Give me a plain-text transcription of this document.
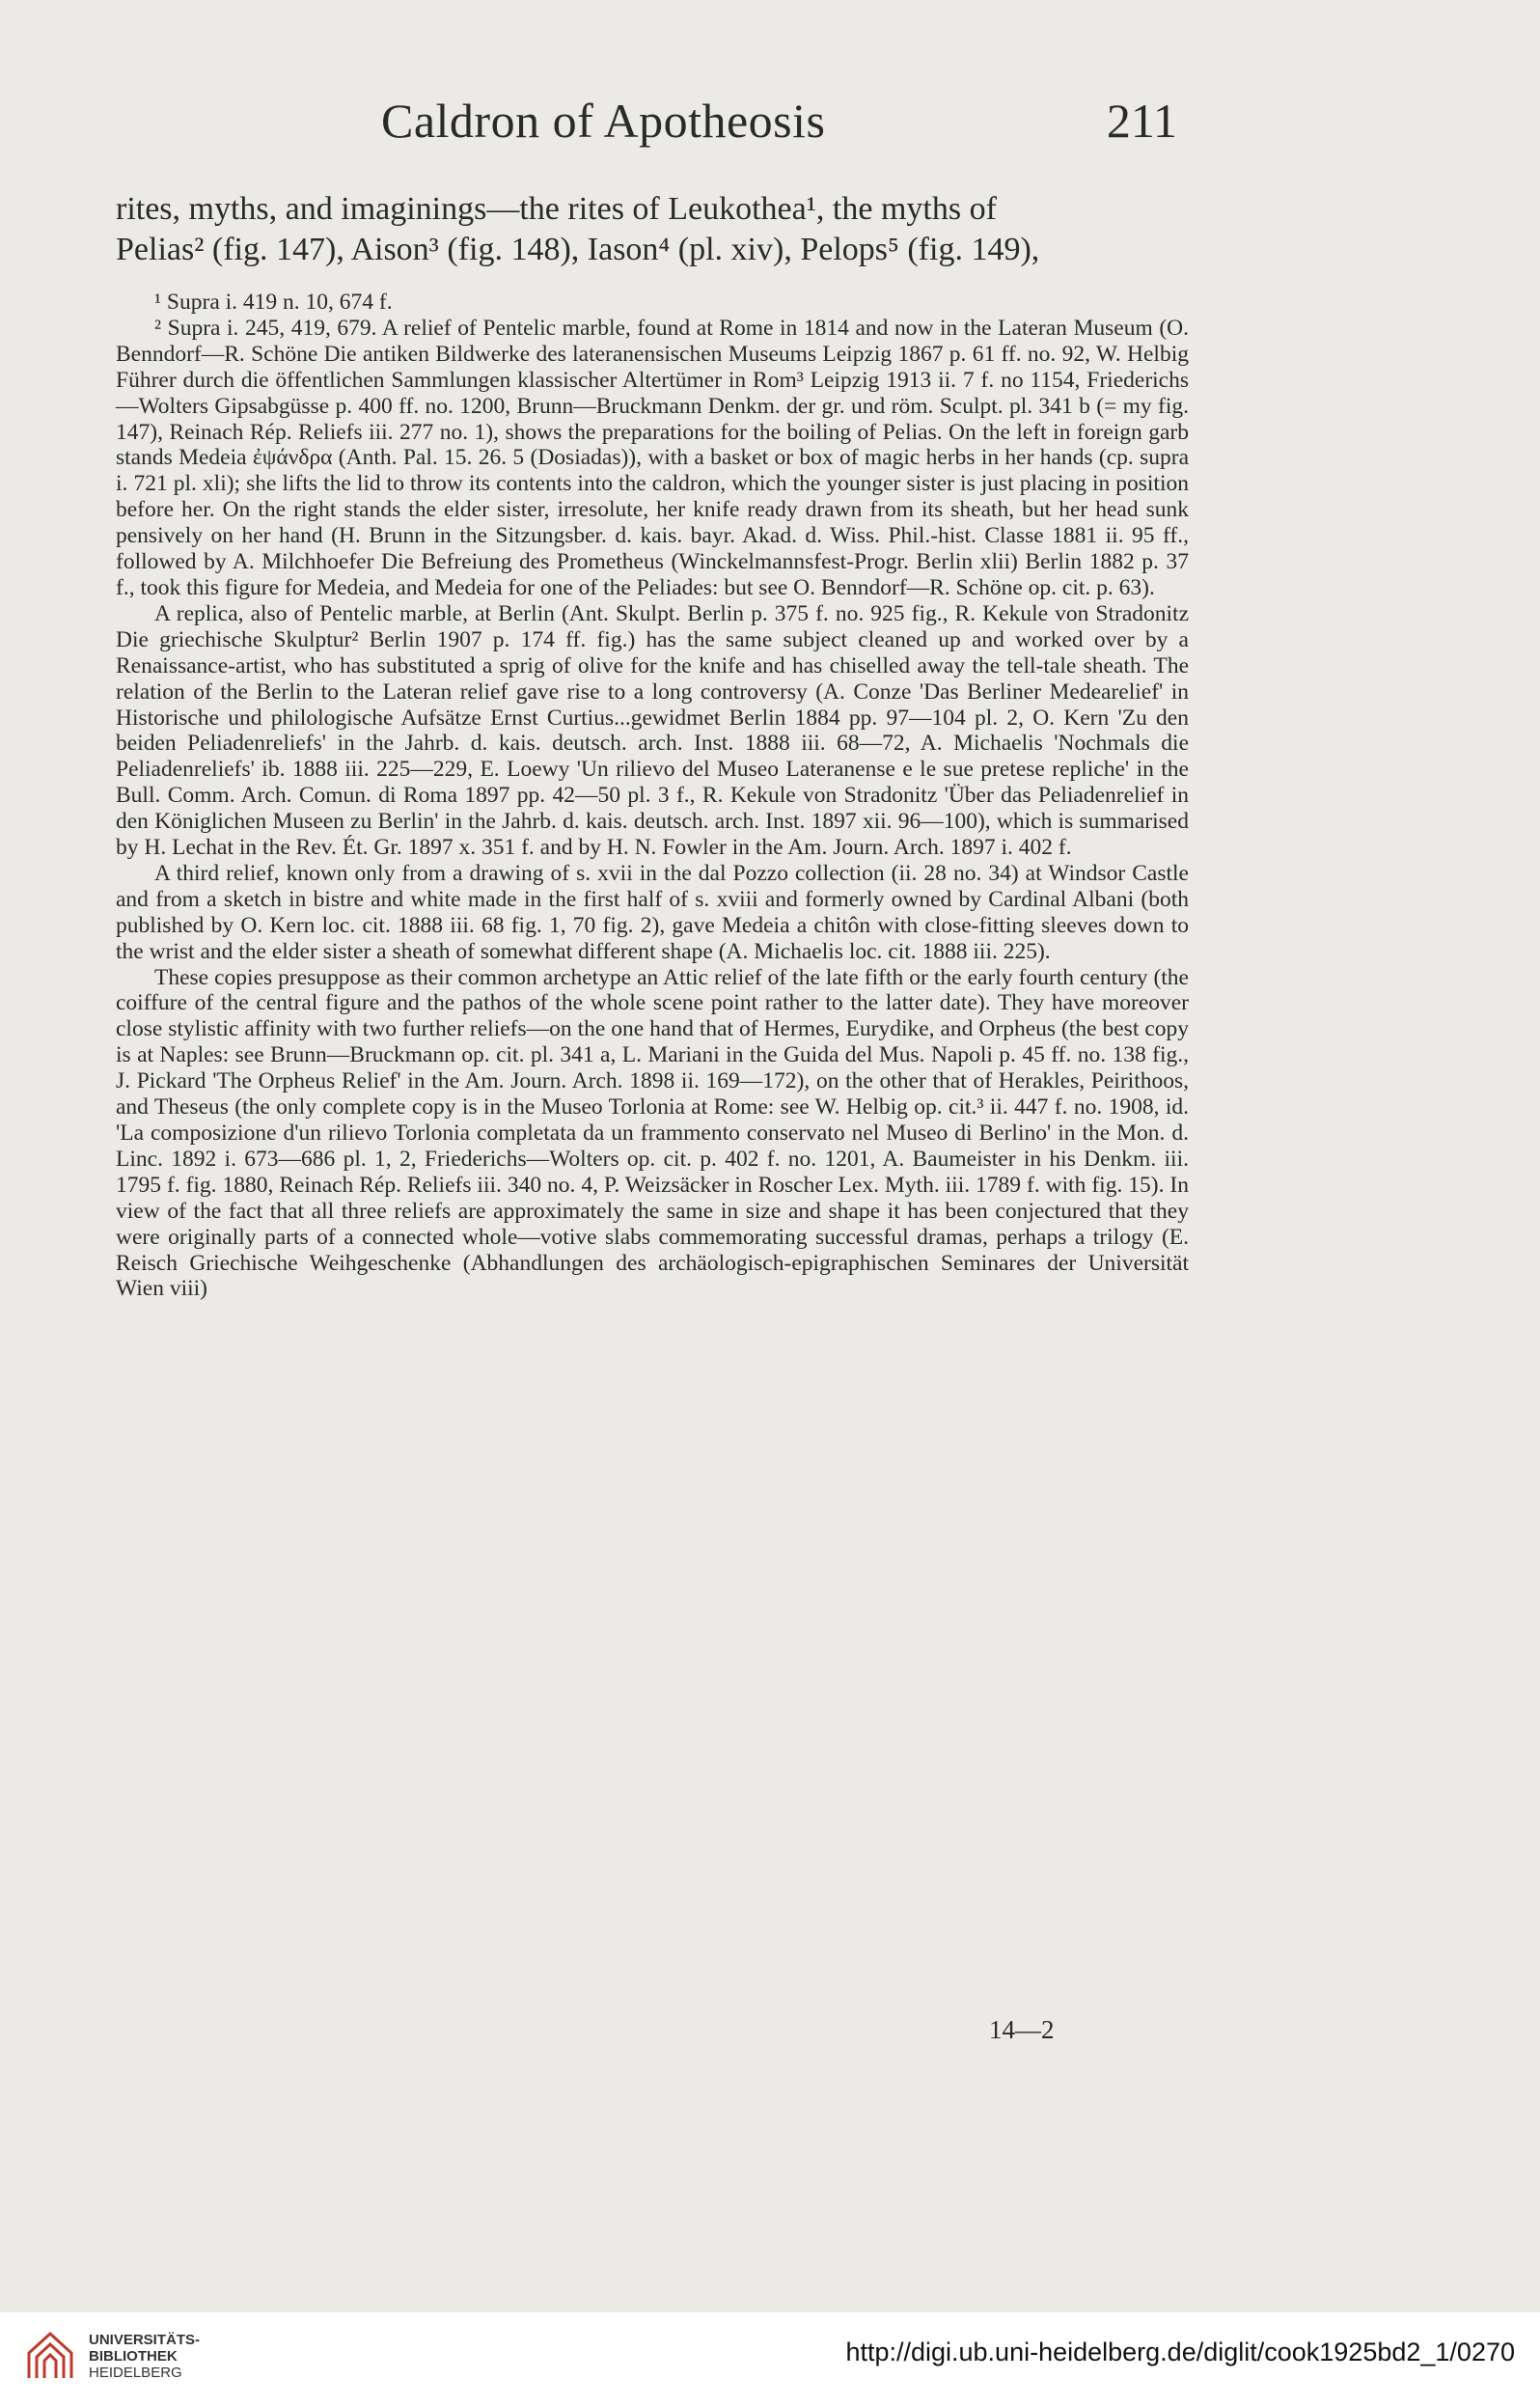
Caldron of Apotheosis	211
rites, myths, and imaginings—the rites of Leukothea¹, the myths of
Pelias² (fig. 147), Aison³ (fig. 148), Iason⁴ (pl. xiv), Pelops⁵ (fig. 149),

¹ Supra i. 419 n. 10, 674 f.

² Supra i. 245, 419, 679. A relief of Pentelic marble, found at Rome in 1814 and now in the Lateran Museum (O. Benndorf—R. Schöne Die antiken Bildwerke des lateranensischen Museums Leipzig 1867 p. 61 ff. no. 92, W. Helbig Führer durch die öffentlichen Sammlungen klassischer Altertümer in Rom³ Leipzig 1913 ii. 7 f. no 1154, Friederichs—Wolters Gipsabgüsse p. 400 ff. no. 1200, Brunn—Bruckmann Denkm. der gr. und röm. Sculpt. pl. 341 b (= my fig. 147), Reinach Rép. Reliefs iii. 277 no. 1), shows the preparations for the boiling of Pelias. On the left in foreign garb stands Medeia ἐψάνδρα (Anth. Pal. 15. 26. 5 (Dosiadas)), with a basket or box of magic herbs in her hands (cp. supra i. 721 pl. xli); she lifts the lid to throw its contents into the caldron, which the younger sister is just placing in position before her. On the right stands the elder sister, irresolute, her knife ready drawn from its sheath, but her head sunk pensively on her hand (H. Brunn in the Sitzungsber. d. kais. bayr. Akad. d. Wiss. Phil.-hist. Classe 1881 ii. 95 ff., followed by A. Milchhoefer Die Befreiung des Prometheus (Winckelmannsfest-Progr. Berlin xlii) Berlin 1882 p. 37 f., took this figure for Medeia, and Medeia for one of the Peliades: but see O. Benndorf—R. Schöne op. cit. p. 63).

A replica, also of Pentelic marble, at Berlin (Ant. Skulpt. Berlin p. 375 f. no. 925 fig., R. Kekule von Stradonitz Die griechische Skulptur² Berlin 1907 p. 174 ff. fig.) has the same subject cleaned up and worked over by a Renaissance-artist, who has substituted a sprig of olive for the knife and has chiselled away the tell-tale sheath. The relation of the Berlin to the Lateran relief gave rise to a long controversy (A. Conze 'Das Berliner Medearelief' in Historische und philologische Aufsätze Ernst Curtius...gewidmet Berlin 1884 pp. 97—104 pl. 2, O. Kern 'Zu den beiden Peliadenreliefs' in the Jahrb. d. kais. deutsch. arch. Inst. 1888 iii. 68—72, A. Michaelis 'Nochmals die Peliadenreliefs' ib. 1888 iii. 225—229, E. Loewy 'Un rilievo del Museo Lateranense e le sue pretese repliche' in the Bull. Comm. Arch. Comun. di Roma 1897 pp. 42—50 pl. 3 f., R. Kekule von Stradonitz 'Über das Peliadenrelief in den Königlichen Museen zu Berlin' in the Jahrb. d. kais. deutsch. arch. Inst. 1897 xii. 96—100), which is summarised by H. Lechat in the Rev. Ét. Gr. 1897 x. 351 f. and by H. N. Fowler in the Am. Journ. Arch. 1897 i. 402 f.

A third relief, known only from a drawing of s. xvii in the dal Pozzo collection (ii. 28 no. 34) at Windsor Castle and from a sketch in bistre and white made in the first half of s. xviii and formerly owned by Cardinal Albani (both published by O. Kern loc. cit. 1888 iii. 68 fig. 1, 70 fig. 2), gave Medeia a chitôn with close-fitting sleeves down to the wrist and the elder sister a sheath of somewhat different shape (A. Michaelis loc. cit. 1888 iii. 225).

These copies presuppose as their common archetype an Attic relief of the late fifth or the early fourth century (the coiffure of the central figure and the pathos of the whole scene point rather to the latter date). They have moreover close stylistic affinity with two further reliefs—on the one hand that of Hermes, Eurydike, and Orpheus (the best copy is at Naples: see Brunn—Bruckmann op. cit. pl. 341 a, L. Mariani in the Guida del Mus. Napoli p. 45 ff. no. 138 fig., J. Pickard 'The Orpheus Relief' in the Am. Journ. Arch. 1898 ii. 169—172), on the other that of Herakles, Peirithoos, and Theseus (the only complete copy is in the Museo Torlonia at Rome: see W. Helbig op. cit.³ ii. 447 f. no. 1908, id. 'La composizione d'un rilievo Torlonia completata da un frammento conservato nel Museo di Berlino' in the Mon. d. Linc. 1892 i. 673—686 pl. 1, 2, Friederichs—Wolters op. cit. p. 402 f. no. 1201, A. Baumeister in his Denkm. iii. 1795 f. fig. 1880, Reinach Rép. Reliefs iii. 340 no. 4, P. Weizsäcker in Roscher Lex. Myth. iii. 1789 f. with fig. 15). In view of the fact that all three reliefs are approximately the same in size and shape it has been conjectured that they were originally parts of a connected whole—votive slabs commemorating successful dramas, perhaps a trilogy (E. Reisch Griechische Weihgeschenke (Abhandlungen des archäologisch-epigraphischen Seminares der Universität Wien viii)

14—2
UNIVERSITÄTS-
BIBLIOTHEK
HEIDELBERG
http://digi.ub.uni-heidelberg.de/diglit/cook1925bd2_1/0270
